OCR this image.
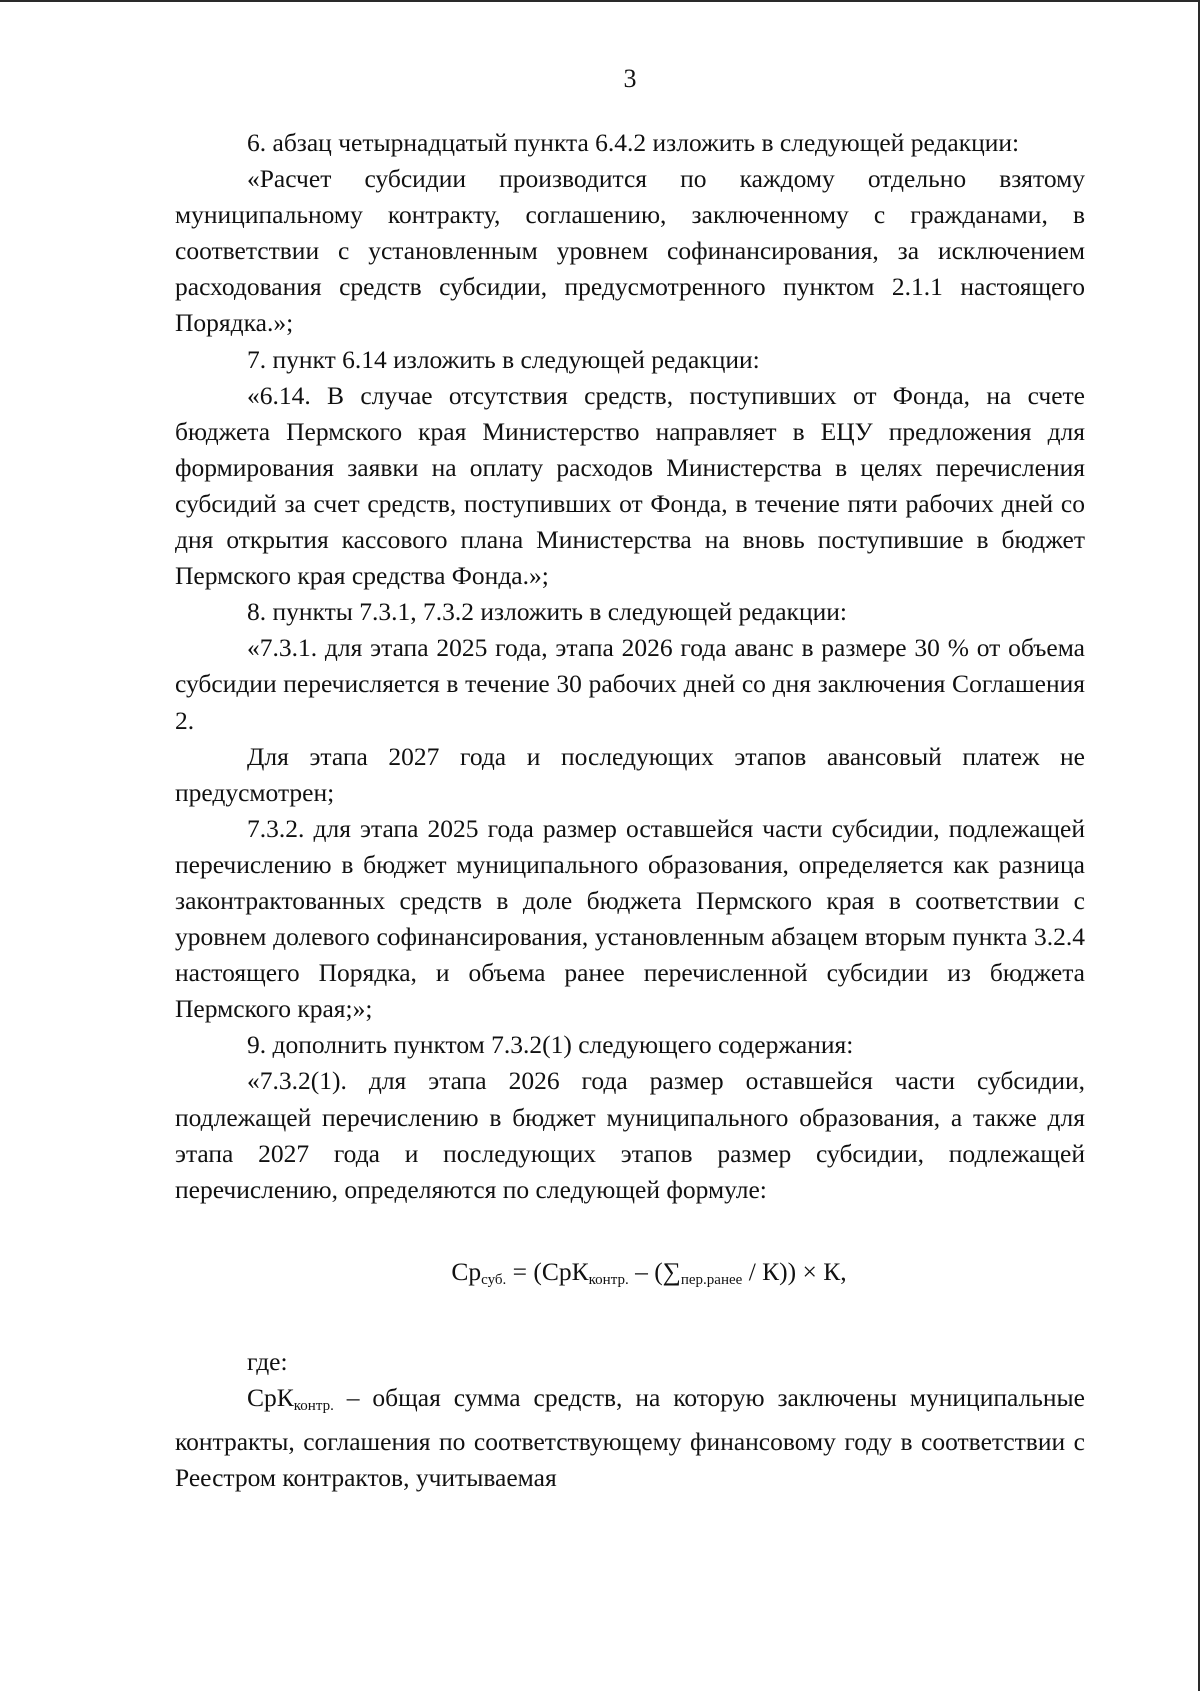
3

6. абзац четырнадцатый пункта 6.4.2 изложить в следующей редакции:

«Расчет субсидии производится по каждому отдельно взятому муниципальному контракту, соглашению, заключенному с гражданами, в соответствии с установленным уровнем софинансирования, за исключением расходования средств субсидии, предусмотренного пунктом 2.1.1 настоящего Порядка.»;

7. пункт 6.14 изложить в следующей редакции:

«6.14. В случае отсутствия средств, поступивших от Фонда, на счете бюджета Пермского края Министерство направляет в ЕЦУ предложения для формирования заявки на оплату расходов Министерства в целях перечисления субсидий за счет средств, поступивших от Фонда, в течение пяти рабочих дней со дня открытия кассового плана Министерства на вновь поступившие в бюджет Пермского края средства Фонда.»;

8. пункты 7.3.1, 7.3.2 изложить в следующей редакции:

«7.3.1. для этапа 2025 года, этапа 2026 года аванс в размере 30 % от объема субсидии перечисляется в течение 30 рабочих дней со дня заключения Соглашения 2.

Для этапа 2027 года и последующих этапов авансовый платеж не предусмотрен;

7.3.2. для этапа 2025 года размер оставшейся части субсидии, подлежащей перечислению в бюджет муниципального образования, определяется как разница законтрактованных средств в доле бюджета Пермского края в соответствии с уровнем долевого софинансирования, установленным абзацем вторым пункта 3.2.4 настоящего Порядка, и объема ранее перечисленной субсидии из бюджета Пермского края;»;

9. дополнить пунктом 7.3.2(1) следующего содержания:

«7.3.2(1). для этапа 2026 года размер оставшейся части субсидии, подлежащей перечислению в бюджет муниципального образования, а также для этапа 2027 года и последующих этапов размер субсидии, подлежащей перечислению, определяются по следующей формуле:

$Ср_{суб.} = (СрК_{контр.} - (\sum_{пер.ранее} / К)) \times К$,

где:

СрКконтр. – общая сумма средств, на которую заключены муниципальные контракты, соглашения по соответствующему финансовому году в соответствии с Реестром контрактов, учитываемая
